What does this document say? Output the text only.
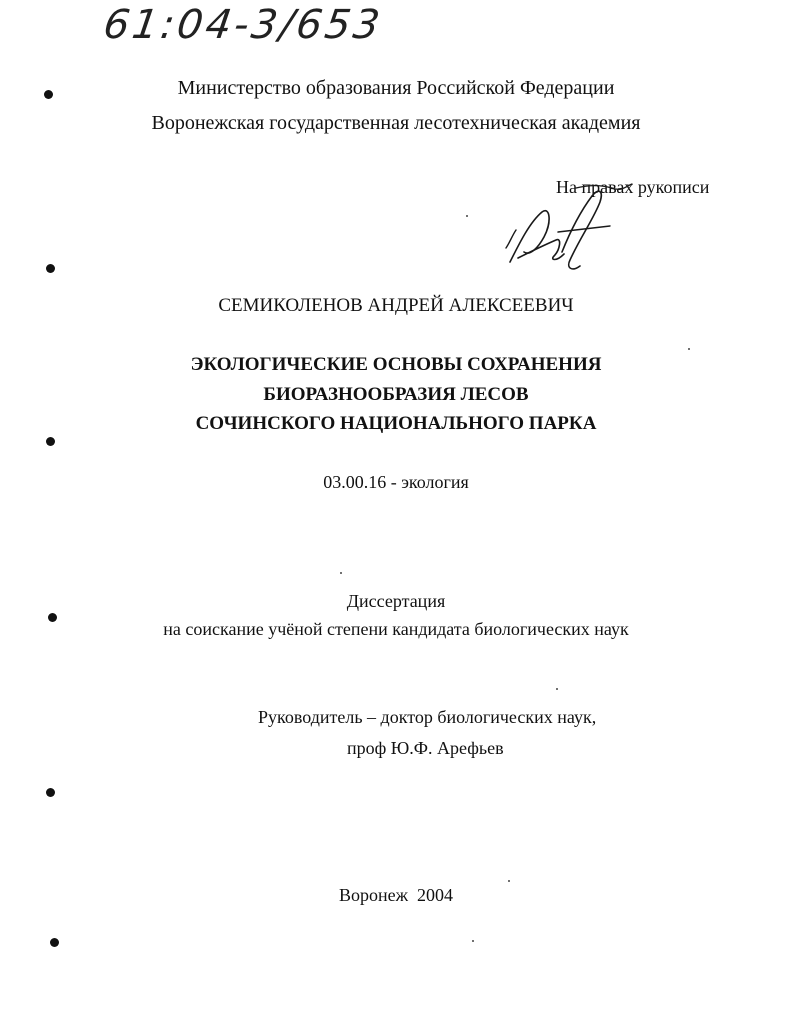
61:04-3/653
Министерство образования Российской Федерации
Воронежская государственная лесотехническая академия
На правах рукописи
СЕМИКОЛЕНОВ АНДРЕЙ АЛЕКСЕЕВИЧ
ЭКОЛОГИЧЕСКИЕ ОСНОВЫ СОХРАНЕНИЯ
БИОРАЗНООБРАЗИЯ ЛЕСОВ
СОЧИНСКОГО НАЦИОНАЛЬНОГО ПАРКА
03.00.16 - экология
Диссертация
на соискание учёной степени кандидата биологических наук
Руководитель – доктор биологических наук,
проф Ю.Ф. Арефьев
Воронеж  2004
